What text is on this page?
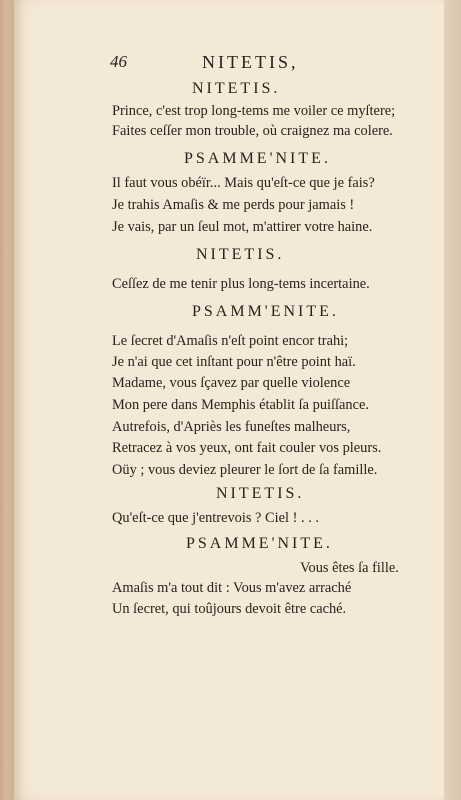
46	NITETIS,
NITETIS.
Prince, c'est trop long-tems me voiler ce myſtere;
Faites ceſſer mon trouble, où craignez ma colere.
PSAMME'NITE.
Il faut vous obéïr... Mais qu'eſt-ce que je fais?
Je trahis Amaſis & me perds pour jamais !
Je vais, par un ſeul mot, m'attirer votre haine.
NITETIS.
Ceſſez de me tenir plus long-tems incertaine.
PSAMM'ENITE.
Le ſecret d'Amaſis n'eſt point encor trahi;
Je n'ai que cet inſtant pour n'être point haï.
Madame, vous ſçavez par quelle violence
Mon pere dans Memphis établit ſa puiſſance.
Autrefois, d'Apriès les funeſtes malheurs,
Retracez à vos yeux, ont fait couler vos pleurs.
Oüy ; vous deviez pleurer le ſort de ſa famille.
NITETIS.
Qu'eſt-ce que j'entrevois ? Ciel ! . . .
PSAMME'NITE.
Vous êtes ſa fille.
Amaſis m'a tout dit : Vous m'avez arraché
Un ſecret, qui toûjours devoit être caché.
